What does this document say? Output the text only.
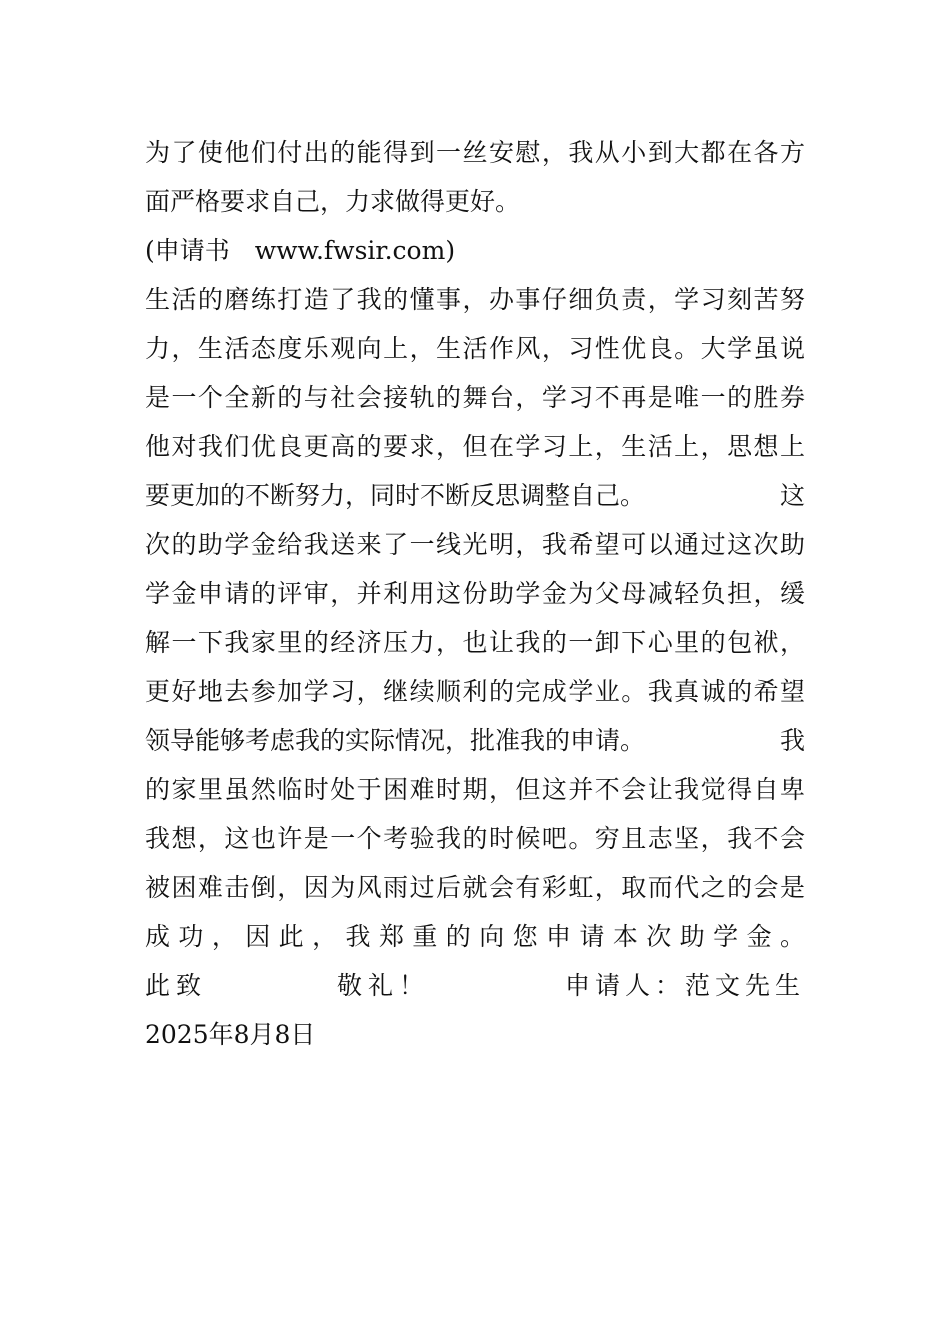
为了使他们付出的能得到一丝安慰，我从小到大都在各方
面严格要求自己，力求做得更好。
(申请书　www.fwsir.com)
生活的磨练打造了我的懂事，办事仔细负责，学习刻苦努
力，生活态度乐观向上，生活作风，习性优良。大学虽说
是一个全新的与社会接轨的舞台，学习不再是唯一的胜券
他对我们优良更高的要求，但在学习上，生活上，思想上
要更加的不断努力，同时不断反思调整自己。	这
次的助学金给我送来了一线光明，我希望可以通过这次助
学金申请的评审，并利用这份助学金为父母减轻负担，缓
解一下我家里的经济压力，也让我的一卸下心里的包袱，
更好地去参加学习，继续顺利的完成学业。我真诚的希望
领导能够考虑我的实际情况，批准我的申请。	我
的家里虽然临时处于困难时期，但这并不会让我觉得自卑
我想，这也许是一个考验我的时候吧。穷且志坚，我不会
被困难击倒，因为风雨过后就会有彩虹，取而代之的会是
成功，因此，我郑重的向您申请本次助学金。
此致	敬礼！	申请人：范文先生
2025年8月8日
